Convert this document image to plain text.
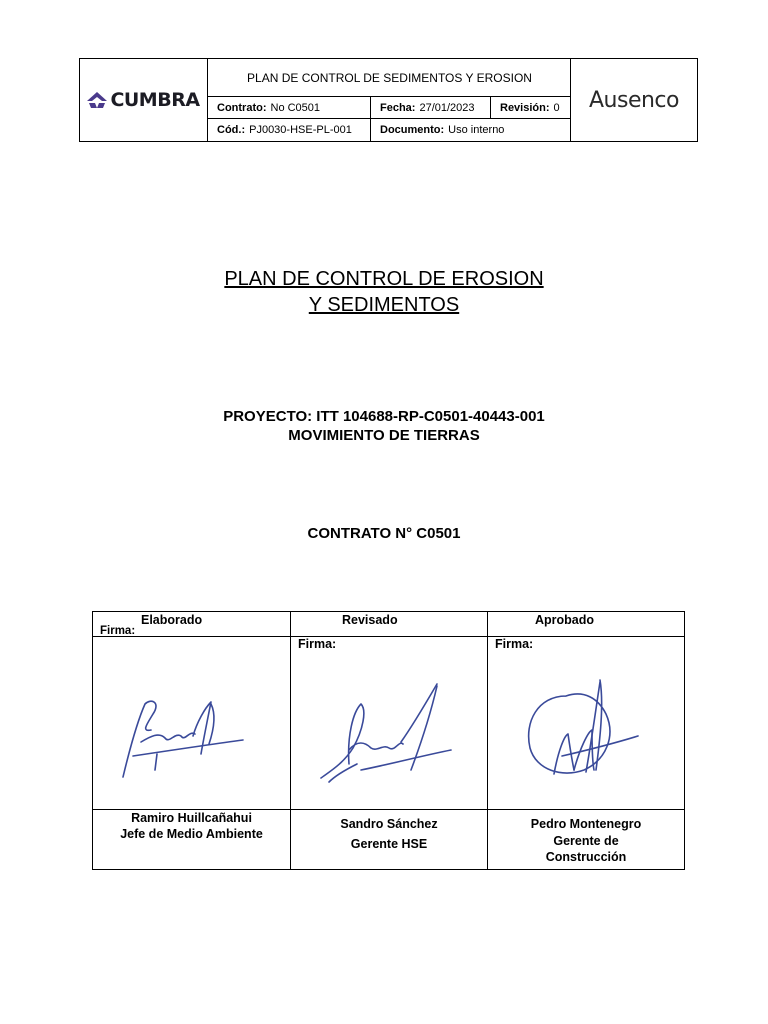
CUMBRA
PLAN DE CONTROL DE SEDIMENTOS Y EROSION
Contrato: No C0501	Fecha: 27/01/2023 Revisión: 0
Cód.: PJ0030-HSE-PL-001	Documento: Uso interno
Ausenco
PLAN DE CONTROL DE EROSION
Y SEDIMENTOS
PROYECTO: ITT 104688-RP-C0501-40443-001
MOVIMIENTO DE TIERRAS
CONTRATO N° C0501
Elaborado
Firma:
Ramiro Huillcañahui
Jefe de Medio Ambiente
Revisado
Firma:
Sandro Sánchez
Gerente HSE
Aprobado
Firma:
Pedro Montenegro
Gerente de Construcción
